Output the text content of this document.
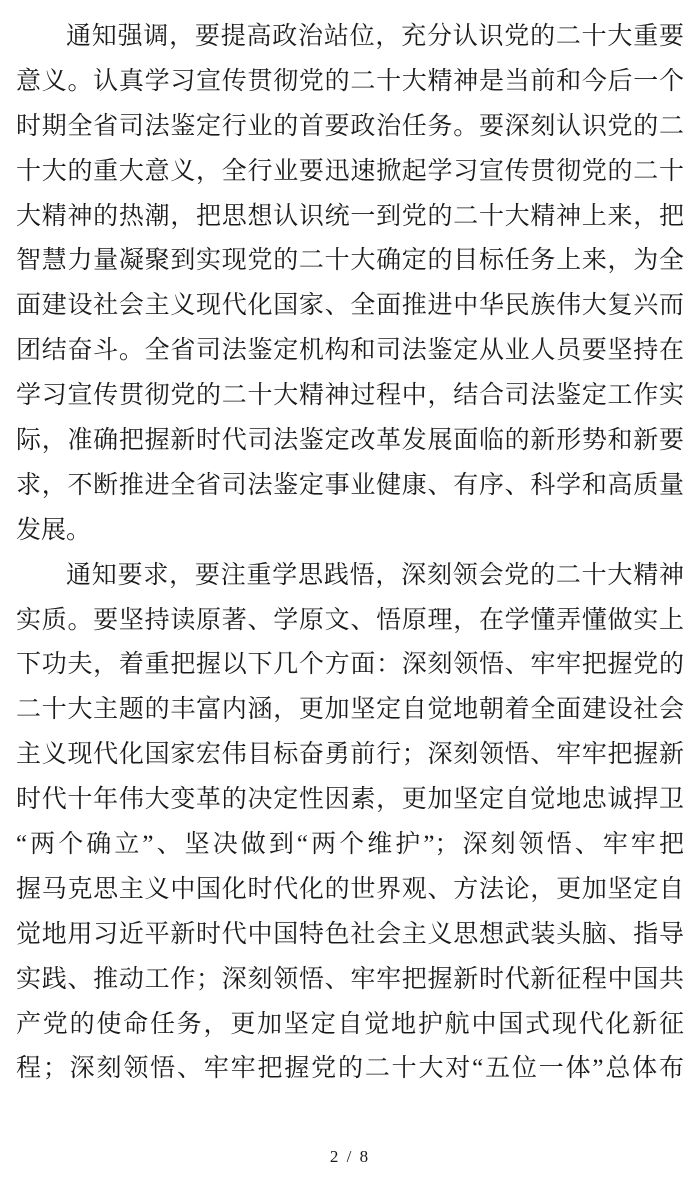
通知强调，要提高政治站位，充分认识党的二十大重要
意义。认真学习宣传贯彻党的二十大精神是当前和今后一个
时期全省司法鉴定行业的首要政治任务。要深刻认识党的二
十大的重大意义，全行业要迅速掀起学习宣传贯彻党的二十
大精神的热潮，把思想认识统一到党的二十大精神上来，把
智慧力量凝聚到实现党的二十大确定的目标任务上来，为全
面建设社会主义现代化国家、全面推进中华民族伟大复兴而
团结奋斗。全省司法鉴定机构和司法鉴定从业人员要坚持在
学习宣传贯彻党的二十大精神过程中，结合司法鉴定工作实
际，准确把握新时代司法鉴定改革发展面临的新形势和新要
求，不断推进全省司法鉴定事业健康、有序、科学和高质量
发展。
通知要求，要注重学思践悟，深刻领会党的二十大精神
实质。要坚持读原著、学原文、悟原理，在学懂弄懂做实上
下功夫，着重把握以下几个方面：深刻领悟、牢牢把握党的
二十大主题的丰富内涵，更加坚定自觉地朝着全面建设社会
主义现代化国家宏伟目标奋勇前行；深刻领悟、牢牢把握新
时代十年伟大变革的决定性因素，更加坚定自觉地忠诚捍卫
“两个确立”、坚决做到“两个维护”；深刻领悟、牢牢把
握马克思主义中国化时代化的世界观、方法论，更加坚定自
觉地用习近平新时代中国特色社会主义思想武装头脑、指导
实践、推动工作；深刻领悟、牢牢把握新时代新征程中国共
产党的使命任务，更加坚定自觉地护航中国式现代化新征
程；深刻领悟、牢牢把握党的二十大对“五位一体”总体布
2 / 8
